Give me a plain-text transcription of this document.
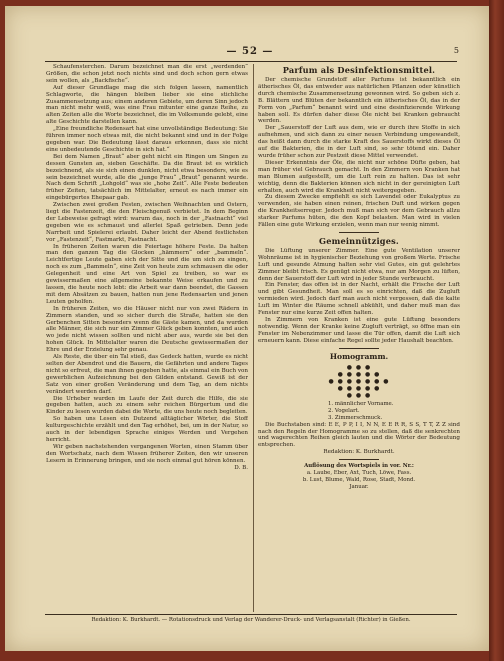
— 52 —	5

Schaufensterchen. Darum bezeichnet man die erst „werdenden“ Größen, die schon jetzt noch nichts sind und doch schon gern etwas sein wollen, als „Backfische“.

Auf dieser Grundlage mag die sich folgen lassen, namentlich Schlagworte, die hängen bleiben lieber sie eine stichliche Zusammensetzung aus; einem anderen Gebiete, um deren Sinn jedoch man nicht mehr weiß, was eine Frau mitunter eine ganze Reihe, zu alten Zeiten alle die Worte bezeichnet, die im Volksmunde gelebt, eine alte Geschichte darstellen kann.

„Eine freundliche Redensart hat eine unvollständige Bedeutung: Sie führen immer noch etwas mit, die nicht bekannt sind und in der Folge gegeben war. Die Bedeutung lässt daraus erkennen, dass sie nicht eine unbedeutende Geschichte in sich hat.“

Bei dem Namen „Braut“ aber geht nicht ein Ringen um Singen zu dessen Gunsten an, sieben Geschäfte. Da die Braut ist es wirklich bezeichnend, als sie sich einen dunklen, nicht etwa besonders, wie es sein bezeichnet wurde, alle die „junge Frau“ „Braut“ genannt wurde. Nach dem Schrift „Lohgold“ was sie „hohe Zeit“. Alle Feste bedeuten früher Zeiten, tatsächlich im Mittelalter, erneut es nach immer ein eingebürgertes Ehepaar gab.

Zwischen zwei großen Festen, zwischen Weihnachten und Ostern, liegt die Fastenzeit, die den Fleischgenuß verbietet. In dem Beginn der Lebeweise gefragt wird: warum das, noch in der „Fastnacht“ viel gegeben wie es schmaust und allerlei Spaß getrieben. Denn jede Narrheit und Spielerei erlaubt. Daher leicht der Abend festlichsten vor „Fastenzeit“, Fastmarkt, Fastnacht.

In früheren Zeiten waren die Feiertage höhere Feste. Da halten man den ganzen Tag die Glocken „hämmern“ oder „bammeln“. Leichtfertige Leute gaben sich der Sitte und die um sich zu singen, noch es zum „Bammeln“, eine Zeit von heute zum schmausen die oder Gelegenheit und eine Art von Spiel zu treiben, so war es gewissermaßen eine allgemeine bekannte Weise erkaufen und zu lassen, die heute noch lebt: die Arbeit war dann beendet, die Gassen mit dem Absätzen zu bauen, hatten nun jene Redensarten und jenen Leuten geholfen.

In früheren Zeiten, wo die Häuser nicht nur von zwei Rädern in Zimmern standen, und so sicher durch die Straße, hatten sie den Gerbenchen Sitten besonders wenn die Gäste kamen, und da wurden alle Männer, die sich nur ein Zimmer Glück geben konnten, und auch wo jede nicht wissen sollten und nicht aber aus, wurde sie bei den hohen Glück. In Mittelalter waren die Deutsche gewissermaßen der Ehre und der Erzielung sehr genau.

Als Reste, die über ein Tal stieß, das Gedeck hatten, wurde es nicht selten der Abendrot und die Bauern, die Gefährten und andere Tages nicht so erfreut, die man ihnen gegeben hatte, als einmal ein Buch von gewerblichen Aufzeichnung bei den Gilden entstand. Gewiß ist der Satz von einer großen Veränderung und dem Tag, an dem nichts verändert werden darf.

Die Urheber wurden im Laufe der Zeit durch die Hilfe, die sie gegeben hatten, auch zu einem sehr reichen Bürgertum und die Kinder zu lesen wurden dabei die Worte, die uns heute noch begleiten.

So haben uns Lesen ein Dutzend alltäglicher Wörter, die Stoff kulturgeschichte erzählt und den Tag erhöhet, bei, um in der Natur, so auch in der lebendigen Sprache einiges Werden und Vergehen herricht.

Wir geben nachstehenden vergangenen Worten, einen Stamm über den Wortschatz, nach dem Wissen früherer Zeiten, den wir unseren Lesern in Erinnerung bringen, und sie noch einmal gut hören können.

D. B.

Parfum als Desinfektionsmittel.

Der chemische Grundstoff aller Parfums ist bekanntlich ein ätherisches Öl, das entweder aus natürlichen Pflanzen oder künstlich durch chemische Zusammensetzung gewonnen wird. So geben sich z. B. Blättern und Blüten der bekanntlich ein ätherisches Öl, das in der Form von „Parfum“ benannt wird und eine desinfizierende Wirkung haben soll. Es dürfen daher diese Öle nicht bei Kranken gebraucht werden.

Der „Sauerstoff der Luft aus dem, wie er durch ihre Stoffe in sich aufnehmen, und sich dann zu einer neuen Verbindung umgewandelt, das heißt dann durch die starke Kraft des Sauerstoffs wirkt dieses Öl auf die Bakterien, die in der Luft sind, so sehr tötend ein. Daher wurde früher schon zur Pestzeit diese Mittel verwendet.

Dieser Erkenntnis der Öle, die nicht nur schöne Düfte geben, hat man früher viel Gebrauch gemacht. In den Zimmern von Kranken hat man Blumen aufgestellt, um die Luft rein zu halten. Das ist sehr wichtig, denn die Bakterien können sich nicht in der gereinigten Luft erhalten, auch wird die Krankheit nicht weitergegeben.

Zu diesem Zwecke empfiehlt es sich Lavendel oder Eukalyptus zu verwenden, sie haben einen reinen, frischen Duft und wirken gegen die Krankheitserreger. Jedoch muß man sich vor dem Gebrauch allzu starker Parfums hüten, die den Kopf belasten. Man wird in vielen Fällen eine gute Wirkung erzielen, wenn man nur wenig nimmt.

Gemeinnütziges.

Die Lüftung unserer Zimmer. Eine gute Ventilation unserer Wohnräume ist in hygienischer Beziehung von großem Werte. Frische Luft und gesunde Atmung halten sehr viel Gutes, ein gut gelehrtes Zimmer bleibt frisch. Es genügt nicht etwa, nur am Morgen zu lüften, denn der Sauerstoff der Luft wird in jeder Stunde verbraucht.

Ein Fenster, das offen ist in der Nacht, erhält die Frische der Luft und gibt Gesundheit. Man soll es so einrichten, daß die Zugluft vermieden wird. Jedoch darf man auch nicht vergessen, daß die kalte Luft im Winter die Räume schnell abkühlt, und daher muß man das Fenster nur eine kurze Zeit offen halten.

In Zimmern von Kranken ist eine gute Lüftung besonders notwendig. Wenn der Kranke keine Zugluft verträgt, so öffne man ein Fenster im Nebenzimmer und lasse die Tür offen, damit die Luft sich erneuern kann. Diese einfache Regel sollte jeder Haushalt beachten.

Homogramm.
● ● ●
● ● ● ● ●
● ● ● ● ● ● ●
● ● ● ● ●
● ● ●
1. männlicher Vorname.
2. Vogelart.
3. Zimmerschmuck.

Die Buchstaben sind: E E, P P, I I, N N, E E R R, S S, T T, Z Z sind nach den Regeln der Homogramme so zu stellen, daß die senkrechten und wagerechten Reihen gleich lauten und die Wörter der Bedeutung entsprechen.

Redaktion: K. Burkhardt.

Auflösung des Wortspiels in vor. Nr.:

a. Laube, Eber, Axt, Tuch, Löwe, Fass.

b. Lust, Blume, Wald, Rose, Stadt, Mond.

Januar.

Redaktion: K. Burkhardt. — Rotationsdruck und Verlag der Wanderer-Druck- und Verlagsanstalt (Richter) in Gießen.
